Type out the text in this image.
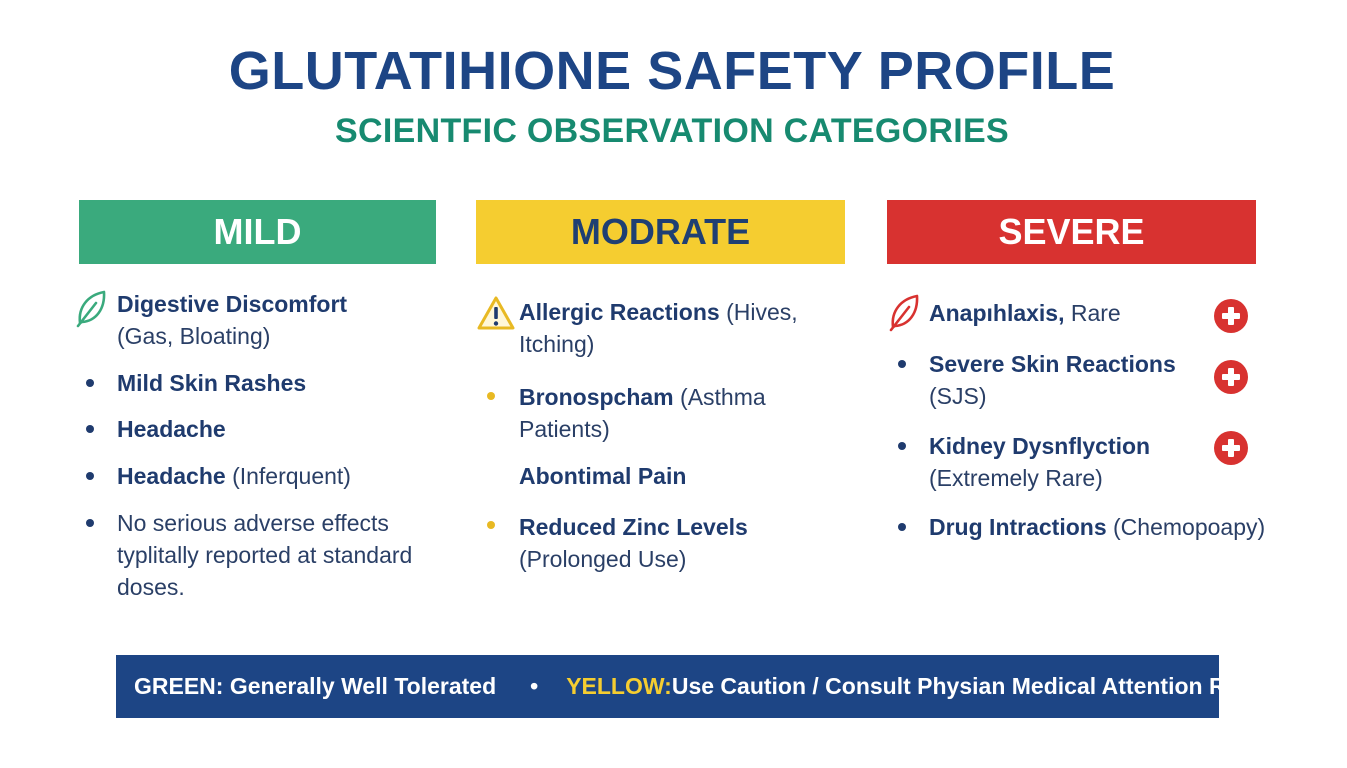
GLUTATIHIONE SAFETY PROFILE
SCIENTFIC OBSERVATION CATEGORIES
MILD	MODRATE	SEVERE
Digestive Discomfort
(Gas, Bloating)
Mild Skin Rashes
Headache
Headache (Inferquent)
No serious adverse effects typlitally reported at standard doses.
Allergic Reactions (Hives, Itching)
Bronospcham (Asthma Patients)
Abontimal Pain
Reduced Zinc Levels
(Prolonged Use)
Anapıhlaxis, Rare
Severe Skin Reactions
(SJS)
Kidney Dysnflyction
(Extremely Rare)
Drug Intractions (Chemopoapy)
GREEN: Generally Well Tolerated • YELLOW: Use Caution / Consult Physian Medical Attention Required RE
